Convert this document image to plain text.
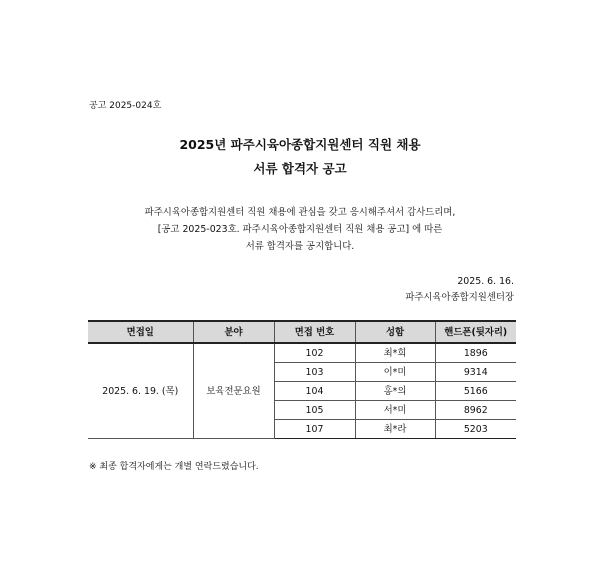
공고 2025-024호
2025년 파주시육아종합지원센터 직원 채용
서류 합격자 공고
파주시육아종합지원센터 직원 채용에 관심을 갖고 응시해주셔서 감사드리며,
[공고 2025-023호. 파주시육아종합지원센터 직원 채용 공고] 에 따른
서류 합격자를 공지합니다.
2025. 6. 16.
파주시육아종합지원센터장
면접일	분야	면접 번호	성함	핸드폰(뒷자리)
2025. 6. 19. (목)	보육전문요원	102	최*희	1896
		103	이*미	9314
		104	홍*의	5166
		105	서*미	8962
		107	최*라	5203
※ 최종 합격자에게는 개별 연락드렸습니다.
